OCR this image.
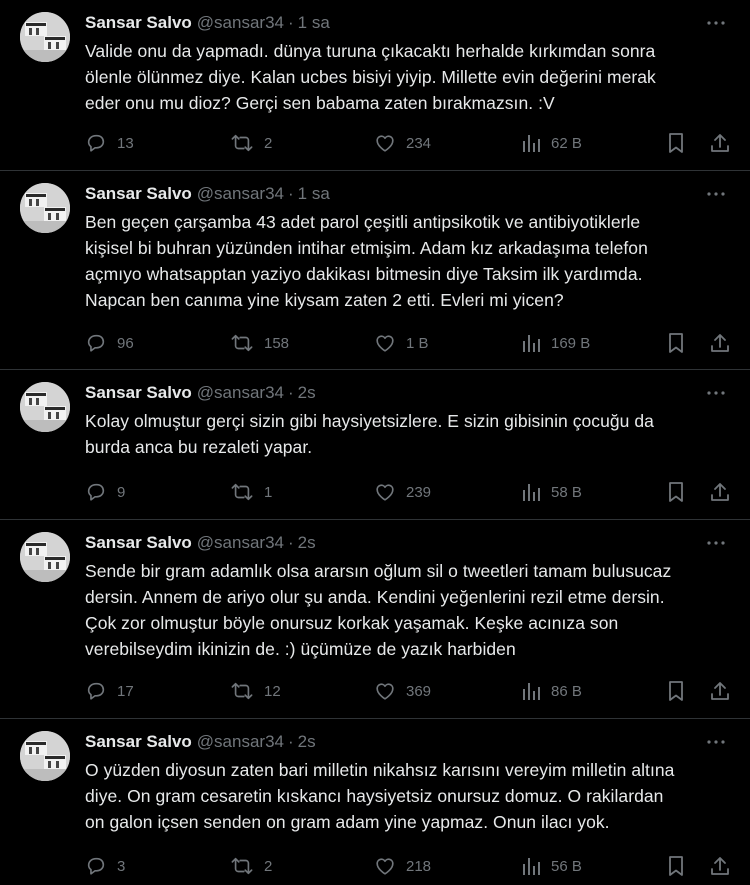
Sansar Salvo @sansar34 · 1 sa
Valide onu da yapmadı. dünya turuna çıkacaktı herhalde kırkımdan sonra
ölenle ölünmez diye. Kalan ucbes bisiyi yiyip. Millette evin değerini merak
eder onu mu dioz? Gerçi sen babama zaten bırakmazsın. :V
13	2	234	62 B
Sansar Salvo @sansar34 · 1 sa
Ben geçen çarşamba 43 adet parol çeşitli antipsikotik ve antibiyotiklerle
kişisel bi buhran yüzünden intihar etmişim. Adam kız arkadaşıma telefon
açmıyo whatsapptan yaziyo dakikası bitmesin diye Taksim ilk yardımda.
Napcan ben canıma yine kiysam zaten 2 etti. Evleri mi yicen?
96	158	1 B	169 B
Sansar Salvo @sansar34 · 2s
Kolay olmuştur gerçi sizin gibi haysiyetsizlere. E sizin gibisinin çocuğu da
burda anca bu rezaleti yapar.
9	1	239	58 B
Sansar Salvo @sansar34 · 2s
Sende bir gram adamlık olsa ararsın oğlum sil o tweetleri tamam bulusucaz
dersin. Annem de ariyo olur şu anda. Kendini yeğenlerini rezil etme dersin.
Çok zor olmuştur böyle onursuz korkak yaşamak. Keşke acınıza son
verebilseydim ikinizin de. :) üçümüze de yazık harbiden
17	12	369	86 B
Sansar Salvo @sansar34 · 2s
O yüzden diyosun zaten bari milletin nikahsız karısını vereyim milletin altına
diye. On gram cesaretin kıskancı haysiyetsiz onursuz domuz. O rakilardan
on galon içsen senden on gram adam yine yapmaz. Onun ilacı yok.
3	2	218	56 B
